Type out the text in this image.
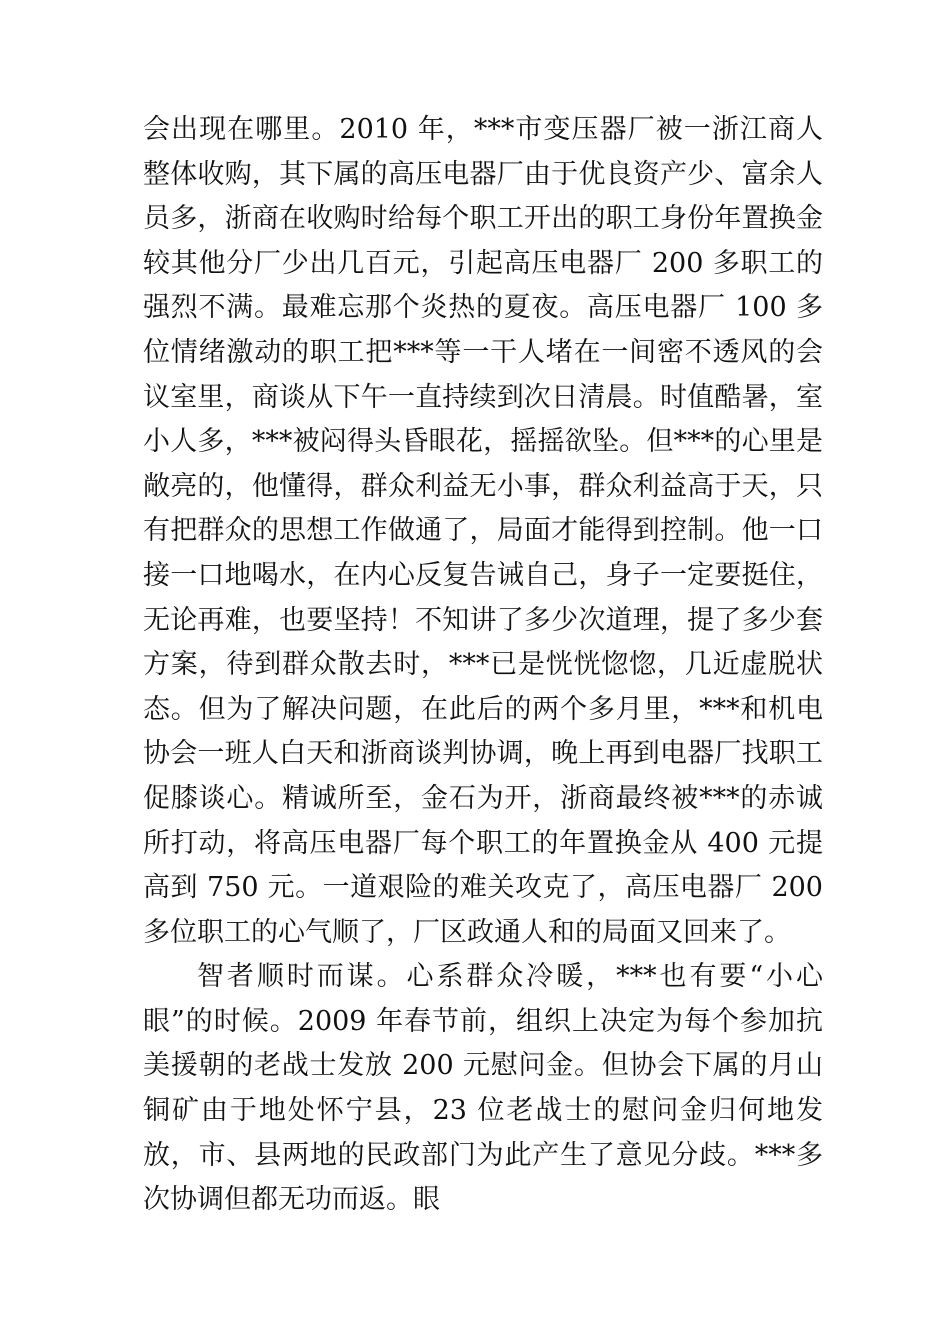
会出现在哪里。2010 年，***市变压器厂被一浙江商人整体收购，其下属的高压电器厂由于优良资产少、富余人员多，浙商在收购时给每个职工开出的职工身份年置换金较其他分厂少出几百元，引起高压电器厂 200 多职工的强烈不满。最难忘那个炎热的夏夜。高压电器厂 100 多位情绪激动的职工把***等一干人堵在一间密不透风的会议室里，商谈从下午一直持续到次日清晨。时值酷暑，室小人多，***被闷得头昏眼花，摇摇欲坠。但***的心里是敞亮的，他懂得，群众利益无小事，群众利益高于天，只有把群众的思想工作做通了，局面才能得到控制。他一口接一口地喝水，在内心反复告诫自己，身子一定要挺住，无论再难，也要坚持！不知讲了多少次道理，提了多少套方案，待到群众散去时，***已是恍恍惚惚，几近虚脱状态。但为了解决问题，在此后的两个多月里，***和机电协会一班人白天和浙商谈判协调，晚上再到电器厂找职工促膝谈心。精诚所至，金石为开，浙商最终被***的赤诚所打动，将高压电器厂每个职工的年置换金从 400 元提高到 750 元。一道艰险的难关攻克了，高压电器厂 200 多位职工的心气顺了，厂区政通人和的局面又回来了。

智者顺时而谋。心系群众冷暖，***也有要“小心眼”的时候。2009 年春节前，组织上决定为每个参加抗美援朝的老战士发放 200 元慰问金。但协会下属的月山铜矿由于地处怀宁县，23 位老战士的慰问金归何地发放，市、县两地的民政部门为此产生了意见分歧。***多次协调但都无功而返。眼
